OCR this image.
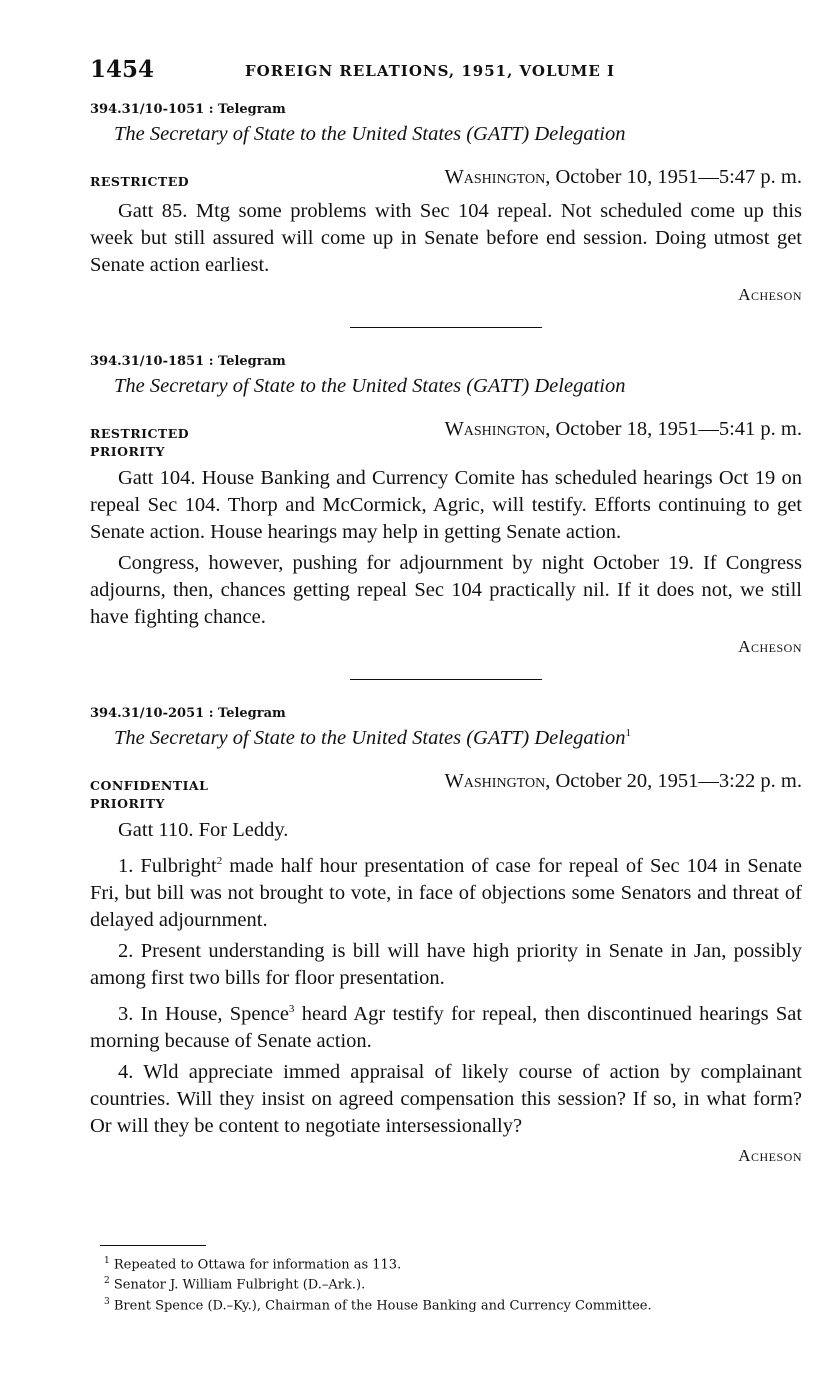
1454	FOREIGN RELATIONS, 1951, VOLUME I
394.31/10-1051 : Telegram
The Secretary of State to the United States (GATT) Delegation
RESTRICTED	Washington, October 10, 1951—5:47 p. m.

Gatt 85. Mtg some problems with Sec 104 repeal. Not scheduled come up this week but still assured will come up in Senate before end session. Doing utmost get Senate action earliest.

Acheson
394.31/10-1851 : Telegram
The Secretary of State to the United States (GATT) Delegation
RESTRICTED	Washington, October 18, 1951—5:41 p. m.
PRIORITY

Gatt 104. House Banking and Currency Comite has scheduled hearings Oct 19 on repeal Sec 104. Thorp and McCormick, Agric, will testify. Efforts continuing to get Senate action. House hearings may help in getting Senate action.

Congress, however, pushing for adjournment by night October 19. If Congress adjourns, then, chances getting repeal Sec 104 practically nil. If it does not, we still have fighting chance.

Acheson
394.31/10-2051 : Telegram
The Secretary of State to the United States (GATT) Delegation$^1$
CONFIDENTIAL	Washington, October 20, 1951—3:22 p. m.
PRIORITY

Gatt 110. For Leddy.

1. Fulbright$^2$ made half hour presentation of case for repeal of Sec 104 in Senate Fri, but bill was not brought to vote, in face of objections some Senators and threat of delayed adjournment.

2. Present understanding is bill will have high priority in Senate in Jan, possibly among first two bills for floor presentation.

3. In House, Spence$^3$ heard Agr testify for repeal, then discontinued hearings Sat morning because of Senate action.

4. Wld appreciate immed appraisal of likely course of action by complainant countries. Will they insist on agreed compensation this session? If so, in what form? Or will they be content to negotiate intersessionally?

Acheson

$^1$ Repeated to Ottawa for information as 113.

$^2$ Senator J. William Fulbright (D.–Ark.).

$^3$ Brent Spence (D.–Ky.), Chairman of the House Banking and Currency Committee.
